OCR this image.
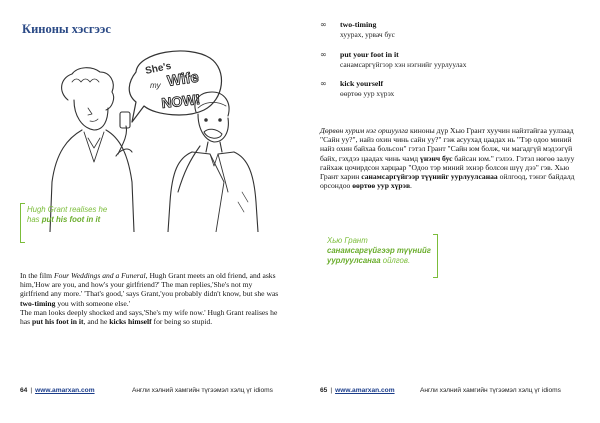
Киноны хэсгээс
She's
my Wife
NOW!
Hugh Grant realises he has put his foot in it

In the film Four Weddings and a Funeral, Hugh Grant meets an old friend, and asks him,'How are you, and how's your girlfriend?' The man replies,'She's not my girlfriend any more.' 'That's good,' says Grant,'you probably didn't know, but she was two-timing you with someone else.'

The man looks deeply shocked and says,'She's my wife now.' Hugh Grant realises he has put his foot in it, and he kicks himself for being so stupid.

64 | www.amarxan.com	Англи хэлний хамгийн түгээмэл хэлц үг idioms
∞ two-timing
хуурах, урвач бус
∞ put your foot in it
санамсаргүйгээр хэн нэгнийг уурлуулах
∞ kick yourself
өөртөө уур хүрэх

Дөрвөн хурим нэг оршуулга киноны дүр Хью Грант хуучин найзтайгаа уулзаад "Сайн уу?", найз охин чинь сайн уу?" гэж асуухад цаадах нь "Тэр одоо миний найз охин байхаа больсон" гэтэл Грант "Сайн юм болж, чи магадгүй мэдээгүй байх, гэхдээ цаадах чинь чамд үнэнч бус байсан юм." гэлээ. Гэтэл нөгөө залуу гайхаж цочирдсон харцаар "Одоо тэр миний эхнэр болсон шүү дээ" гэв. Хью Грант харин санамсаргүйгээр түүнийг уурлуулсанаа ойлгоод, тэнэг байдалд орсондоо өөртөө уур хүрэв.

Хью Грант санамсаргүйгээр түүнийг уурлуулсанаа ойлгов.
65 | www.amarxan.com	Англи хэлний хамгийн түгээмэл хэлц үг idioms
